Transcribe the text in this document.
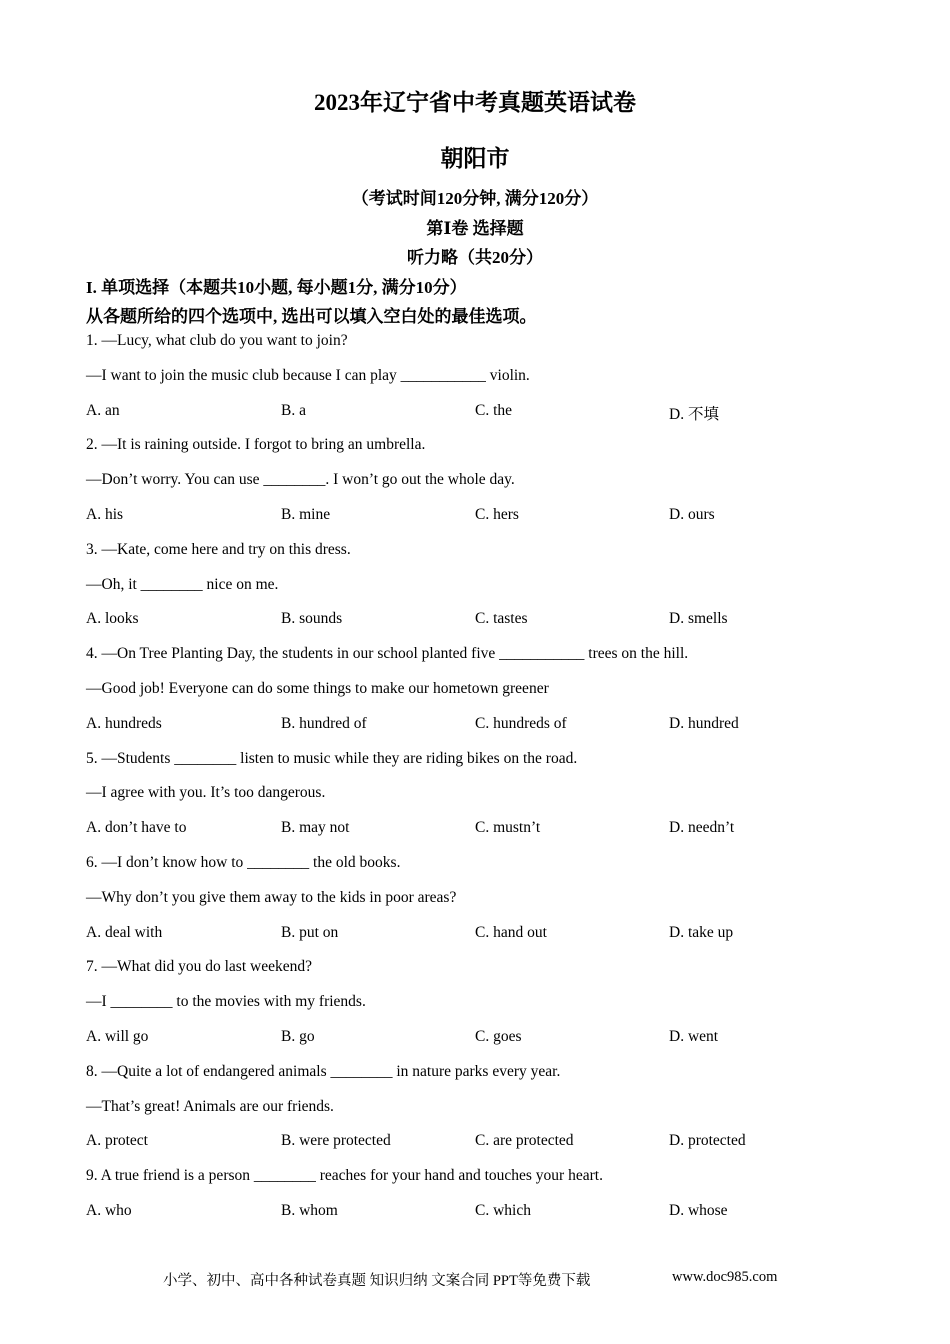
2023年辽宁省中考真题英语试卷
朝阳市
（考试时间120分钟, 满分120分）
第Ⅰ卷 选择题
听力略（共20分）
I. 单项选择（本题共10小题, 每小题1分, 满分10分）
从各题所给的四个选项中, 选出可以填入空白处的最佳选项。
1. —Lucy, what club do you want to join?
—I want to join the music club because I can play ___________ violin.
A. an	B. a	C. the	D. 不填
2. —It is raining outside. I forgot to bring an umbrella.
—Don’t worry. You can use ________. I won’t go out the whole day.
A. his	B. mine	C. hers	D. ours
3. —Kate, come here and try on this dress.
—Oh, it ________ nice on me.
A. looks	B. sounds	C. tastes	D. smells
4. —On Tree Planting Day, the students in our school planted five ___________ trees on the hill.
—Good job! Everyone can do some things to make our hometown greener
A. hundreds	B. hundred of	C. hundreds of	D. hundred
5. —Students ________ listen to music while they are riding bikes on the road.
—I agree with you. It’s too dangerous.
A. don’t have to	B. may not	C. mustn’t	D. needn’t
6. —I don’t know how to ________ the old books.
—Why don’t you give them away to the kids in poor areas?
A. deal with	B. put on	C. hand out	D. take up
7. —What did you do last weekend?
—I ________ to the movies with my friends.
A. will go	B. go	C. goes	D. went
8. —Quite a lot of endangered animals ________ in nature parks every year.
—That’s great! Animals are our friends.
A. protect	B. were protected	C. are protected	D. protected
9. A true friend is a person ________ reaches for your hand and touches your heart.
A. who	B. whom	C. which	D. whose
小学、初中、高中各种试卷真题 知识归纳 文案合同 PPT等免费下载	www.doc985.com
